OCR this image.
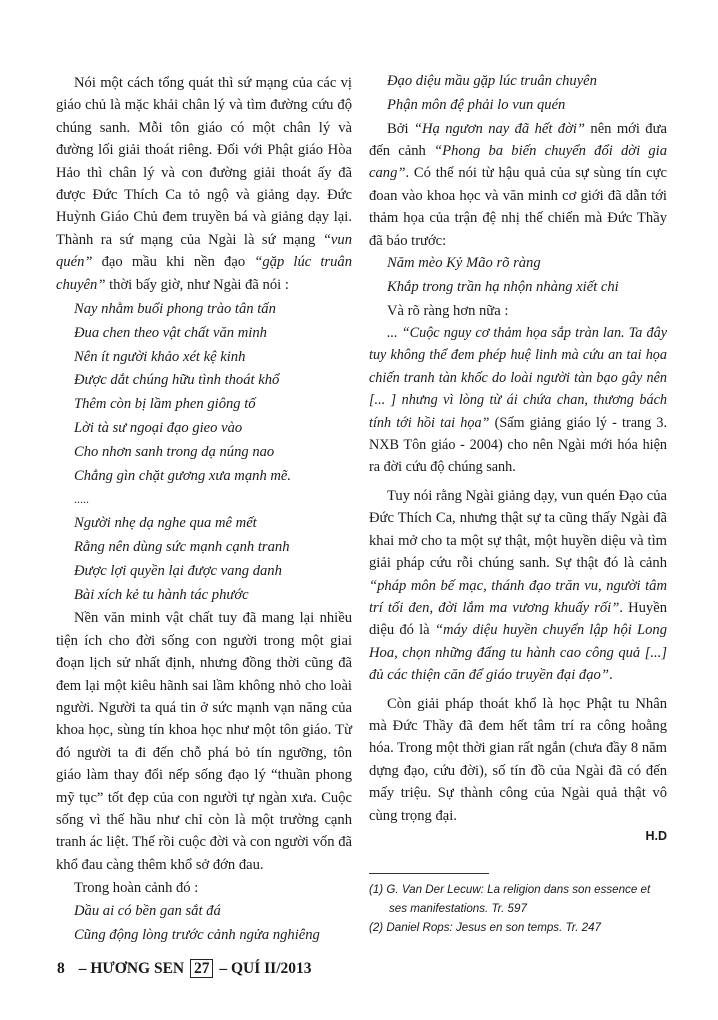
Nói một cách tổng quát thì sứ mạng của các vị giáo chủ là mặc khải chân lý và tìm đường cứu độ chúng sanh. Mỗi tôn giáo có một chân lý và đường lối giải thoát riêng. Đối với Phật giáo Hòa Hảo thì chân lý và con đường giải thoát ấy đã được Đức Thích Ca tỏ ngộ và giảng dạy. Đức Huỳnh Giáo Chủ đem truyền bá và giảng dạy lại. Thành ra sứ mạng của Ngài là sứ mạng “vun quén” đạo mầu khi nền đạo “gặp lúc truân chuyên” thời bấy giờ, như Ngài đã nói :

Nay nhằm buổi phong trào tân tấn
Đua chen theo vật chất văn minh
Nên ít người khảo xét kệ kinh
Được dắt chúng hữu tình thoát khổ
Thêm còn bị lầm phen giông tố
Lời tà sư ngoại đạo gieo vào
Cho nhơn sanh trong dạ núng nao
Chẳng gìn chặt gương xưa mạnh mẽ.
.....
Người nhẹ dạ nghe qua mê mết
Rằng nên dùng sức mạnh cạnh tranh
Được lợi quyền lại được vang danh
Bài xích kẻ tu hành tác phước

Nền văn minh vật chất tuy đã mang lại nhiều tiện ích cho đời sống con người trong một giai đoạn lịch sử nhất định, nhưng đồng thời cũng đã đem lại một kiêu hãnh sai lầm không nhỏ cho loài người. Người ta quá tin ở sức mạnh vạn năng của khoa học, sùng tín khoa học như một tôn giáo. Từ đó người ta đi đến chỗ phá bỏ tín ngưỡng, tôn giáo làm thay đổi nếp sống đạo lý “thuần phong mỹ tục” tốt đẹp của con người tự ngàn xưa. Cuộc sống vì thế hầu như chỉ còn là một trường cạnh tranh ác liệt. Thế rồi cuộc đời và con người vốn đã khổ đau càng thêm khổ sở đớn đau.

Trong hoàn cảnh đó :

Dầu ai có bền gan sắt đá
Cũng động lòng trước cảnh ngửa nghiêng
Đạo diệu mầu gặp lúc truân chuyên
Phận môn đệ phải lo vun quén

Bởi “Hạ ngươn nay đã hết đời” nên mới đưa đến cảnh “Phong ba biến chuyển đổi dời gia cang”. Có thể nói từ hậu quả của sự sùng tín cực đoan vào khoa học và văn minh cơ giới đã dẫn tới thảm họa của trận đệ nhị thế chiến mà Đức Thầy đã báo trước:

Năm mèo Kỷ Mão rõ ràng
Khắp trong trần hạ nhộn nhàng xiết chi

Và rõ ràng hơn nữa :

... “Cuộc nguy cơ thảm họa sắp tràn lan. Ta đây tuy không thể đem phép huệ linh mà cứu an tai họa chiến tranh tàn khốc do loài người tàn bạo gây nên [... ] nhưng vì lòng từ ái chứa chan, thương bách tính tới hồi tai họa” (Sấm giảng giáo lý - trang 3. NXB Tôn giáo - 2004) cho nên Ngài mới hóa hiện ra đời cứu độ chúng sanh.

Tuy nói rằng Ngài giảng dạy, vun quén Đạo của Đức Thích Ca, nhưng thật sự ta cũng thấy Ngài đã khai mở cho ta một sự thật, một huyền diệu và tìm giải pháp cứu rỗi chúng sanh. Sự thật đó là cảnh “pháp môn bế mạc, thánh đạo trăn vu, người tâm trí tối đen, đời lắm ma vương khuấy rối”. Huyền diệu đó là “máy diệu huyền chuyển lập hội Long Hoa, chọn những đấng tu hành cao công quả [...] đủ các thiện căn để giáo truyền đại đạo”.

Còn giải pháp thoát khổ là học Phật tu Nhân mà Đức Thầy đã đem hết tâm trí ra công hoằng hóa. Trong một thời gian rất ngắn (chưa đầy 8 năm dựng đạo, cứu đời), số tín đồ của Ngài đã có đến mấy triệu. Sự thành công của Ngài quả thật vô cùng trọng đại.

H.D
(1) G. Van Der Lecuw: La religion dans son essence et
ses manifestations. Tr. 597
(2) Daniel Rops: Jesus en son temps. Tr. 247
8 – HƯƠNG SEN 27 – QUÍ II/2013
